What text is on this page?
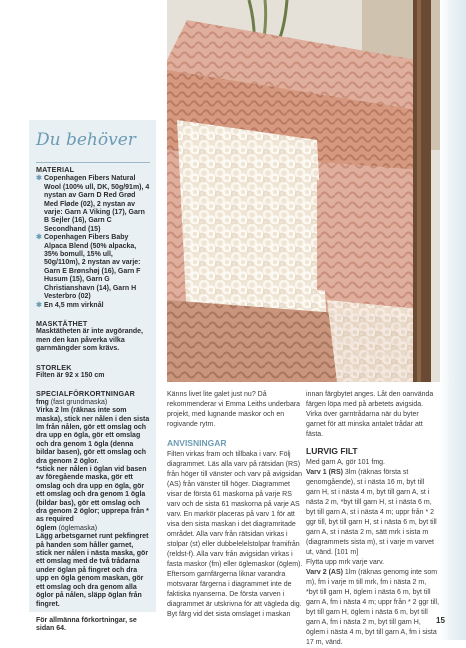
Du behöver

MATERIAL

✱ Copenhagen Fibers Natural Wool (100% ull, DK, 50g/91m), 4 nystan av Garn D Red Grød Med Fløde (02), 2 nystan av varje: Garn A Viking (17), Garn B Sejler (16), Garn C Secondhand (15)
✱ Copenhagen Fibers Baby Alpaca Blend (50% alpacka, 35% bomull, 15% ull, 50g/110m), 2 nystan av varje: Garn E Brønshøj (16), Garn F Husum (15), Garn G Christianshavn (14), Garn H Vesterbro (02)
✱ En 4,5 mm virknål

MASKTÄTHET

Masktätheten är inte avgörande, men den kan påverka vilka garnmängder som krävs.

STORLEK

Filten är 92 x 150 cm

SPECIALFÖRKORTNINGAR

fmg (fast grundmaska)

Virka 2 lm (räknas inte som maska), stick ner nålen i den sista lm från nålen, gör ett omslag och dra upp en ögla, gör ett omslag och dra genom 1 ögla (denna bildar basen), gör ett omslag och dra genom 2 öglor.

*stick ner nålen i öglan vid basen av föregående maska, gör ett omslag och dra upp en ögla, gör ett omslag och dra genom 1 ögla (bildar bas), gör ett omslag och dra genom 2 öglor; upprepa från * as required

öglem (öglemaska)

Lägg arbetsgarnet runt pekfingret på handen som håller garnet, stick ner nålen i nästa maska, gör ett omslag med de två trådarna under öglan på fingret och dra upp en ögla genom maskan, gör ett omslag och dra genom alla öglor på nålen, släpp öglan från fingret.

För allmänna förkortningar, se sidan 64.

Känns livet lite galet just nu? Då rekommenderar vi Emma Leiths underbara projekt, med lugnande maskor och en rogivande rytm.

ANVISNINGAR

Filten virkas fram och tillbaka i varv. Följ diagrammet. Läs alla varv på rätsidan (RS) från höger till vänster och varv på avigsidan (AS) från vänster till höger. Diagrammet visar de första 61 maskorna på varje RS varv och de sista 61 maskorna på varje AS varv. En markör placeras på varv 1 för att visa den sista maskan i det diagramritade området. Alla varv från rätsidan virkas i stolpar (st) eller dubbelelelstolpar framifrån (reldst-f). Alla varv från avigsidan virkas i fasta maskor (fm) eller öglemaskor (öglem). Eftersom garnfärgerna liknar varandra motsvarar färgerna i diagrammet inte de faktiska nyanserna. De första varven i diagrammet är utskrivna för att vägleda dig. Byt färg vid det sista omslaget i maskan

innan färgbytet anges. Låt den oanvända färgen löpa med på arbetets avigsida. Virka över garntrådarna när du byter garnet för att minska antalet trådar att fästa.

LURVIG FILT

Med garn A, gör 101 fmg.

Varv 1 (RS) 3lm (räknas första st genomgående), st i nästa 16 m, byt till garn H, st i nästa 4 m, byt till garn A, st i nästa 2 m, *byt till garn H, st i nästa 6 m, byt till garn A, st i nästa 4 m; uppr från * 2 ggr till, byt till garn H, st i nästa 6 m, byt till garn A, st i nästa 2 m, sätt mrk i sista m (diagrammets sista m), st i varje m varvet ut, vänd. [101 m]

Flytta upp mrk varje varv.

Varv 2 (AS) 1lm (räknas genomg inte som m), fm i varje m till mrk, fm i nästa 2 m, *byt till garn H, öglem i nästa 6 m, byt till garn A, fm i nästa 4 m; uppr från * 2 ggr till, byt till garn H, öglem i nästa 6 m, byt till garn A, fm i nästa 2 m, byt till garn H, öglem i nästa 4 m, byt till garn A, fm i sista 17 m, vänd.

15
